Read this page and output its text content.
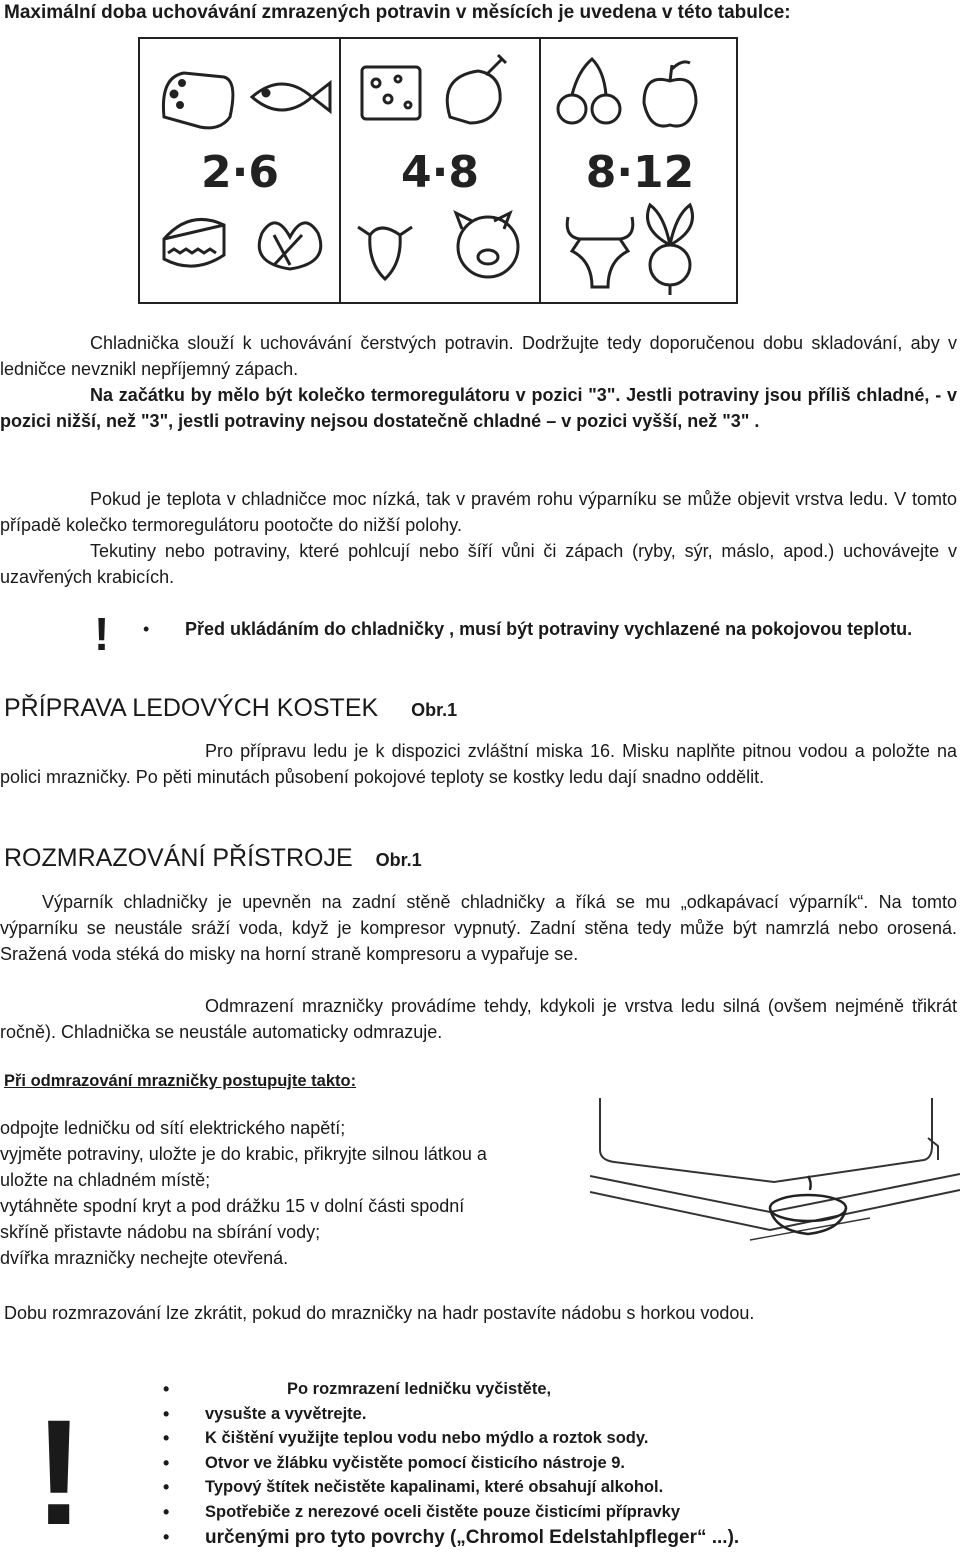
Maximální doba uchovávání zmrazených potravin v měsících je uvedena v této tabulce:
2·6	4·8 8·12
Chladnička slouží k uchovávání čerstvých potravin. Dodržujte tedy doporučenou dobu skladování, aby v ledničce nevznikl nepříjemný zápach.
Na začátku by mělo být kolečko termoregulátoru v pozici "3". Jestli potraviny jsou příliš chladné, - v pozici nižší, než "3", jestli potraviny nejsou dostatečně chladné – v pozici vyšší, než "3" .
Pokud je teplota v chladničce moc nízká, tak v pravém rohu výparníku se může objevit vrstva ledu. V tomto případě kolečko termoregulátoru pootočte do nižší polohy.
Tekutiny nebo potraviny, které pohlcují nebo šíří vůni či zápach (ryby, sýr, máslo, apod.) uchovávejte v uzavřených krabicích.
! • Před ukládáním do chladničky , musí být potraviny vychlazené na pokojovou teplotu.
PŘÍPRAVA LEDOVÝCH KOSTEK Obr.1
Pro přípravu ledu je k dispozici zvláštní miska 16. Misku naplňte pitnou vodou a položte na polici mrazničky. Po pěti minutách působení pokojové teploty se kostky ledu dají snadno oddělit.
ROZMRAZOVÁNÍ PŘÍSTROJE Obr.1
Výparník chladničky je upevněn na zadní stěně chladničky a říká se mu „odkapávací výparník“. Na tomto výparníku se neustále sráží voda, když je kompresor vypnutý. Zadní stěna tedy může být namrzlá nebo orosená. Sražená voda stéká do misky na horní straně kompresoru a vypařuje se.
Odmrazení mrazničky provádíme tehdy, kdykoli je vrstva ledu silná (ovšem nejméně třikrát ročně). Chladnička se neustále automaticky odmrazuje.
Při odmrazování mrazničky postupujte takto:
odpojte ledničku od sítí elektrického napětí;
vyjměte potraviny, uložte je do krabic, přikryjte silnou látkou a uložte na chladném místě;
vytáhněte spodní kryt a pod drážku 15 v dolní části spodní skříně přistavte nádobu na sbírání vody;
dvířka mrazničky nechejte otevřená.
Dobu rozmrazování lze zkrátit, pokud do mrazničky na hadr postavíte nádobu s horkou vodou.
!
•	Po rozmrazení ledničku vyčistěte,
• vysušte a vyvětrejte.
• K čištění využijte teplou vodu nebo mýdlo a roztok sody.
• Otvor ve žlábku vyčistěte pomocí čisticího nástroje 9.
• Typový štítek nečistěte kapalinami, které obsahují alkohol.
• Spotřebiče z nerezové oceli čistěte pouze čisticími přípravky
• určenými pro tyto povrchy („Chromol Edelstahlpfleger“ ...).
